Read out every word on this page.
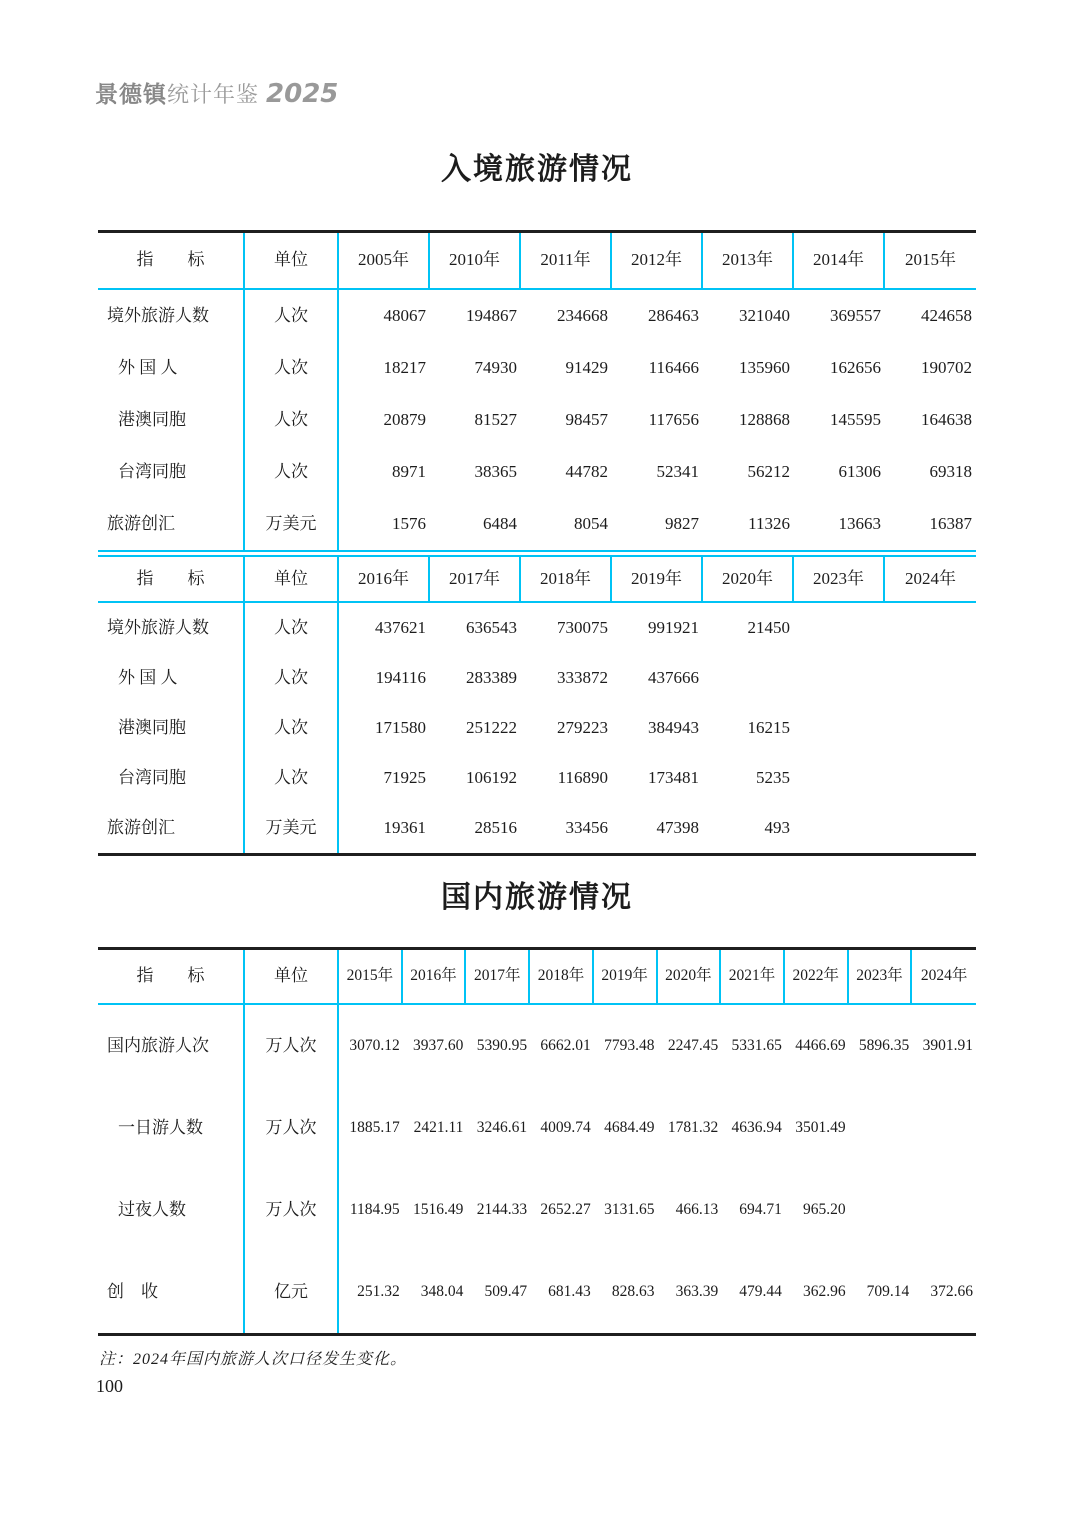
景德镇统计年鉴 2025
入境旅游情况
指　　标	单位	2005年	2010年	2011年	2012年	2013年	2014年	2015年
境外旅游人数	人次	48067	194867	234668	286463	321040	369557	424658
外 国 人	人次	18217	74930	91429	116466	135960	162656	190702
港澳同胞	人次	20879	81527	98457	117656	128868	145595	164638
台湾同胞	人次	8971	38365	44782	52341	56212	61306	69318
旅游创汇	万美元	1576	6484	8054	9827	11326	13663	16387
指　　标	单位	2016年	2017年	2018年	2019年	2020年	2023年	2024年
境外旅游人数	人次	437621	636543	730075	991921	21450
外 国 人	人次	194116	283389	333872	437666
港澳同胞	人次	171580	251222	279223	384943	16215
台湾同胞	人次	71925	106192	116890	173481	5235
旅游创汇	万美元	19361	28516	33456	47398	493
国内旅游情况
指　　标	单位	2015年	2016年	2017年	2018年	2019年	2020年	2021年	2022年	2023年	2024年
国内旅游人次	万人次	3070.12 3937.60 5390.95 6662.01 7793.48 2247.45 5331.65 4466.69 5896.35 3901.91
一日游人数	万人次	1885.17 2421.11 3246.61 4009.74 4684.49 1781.32 4636.94 3501.49
过夜人数	万人次	1184.95 1516.49 2144.33 2652.27 3131.65	466.13	694.71	965.20
创　收	亿元	251.32	348.04	509.47	681.43	828.63	363.39	479.44	362.96	709.14	372.66
注：2024年国内旅游人次口径发生变化。
100
